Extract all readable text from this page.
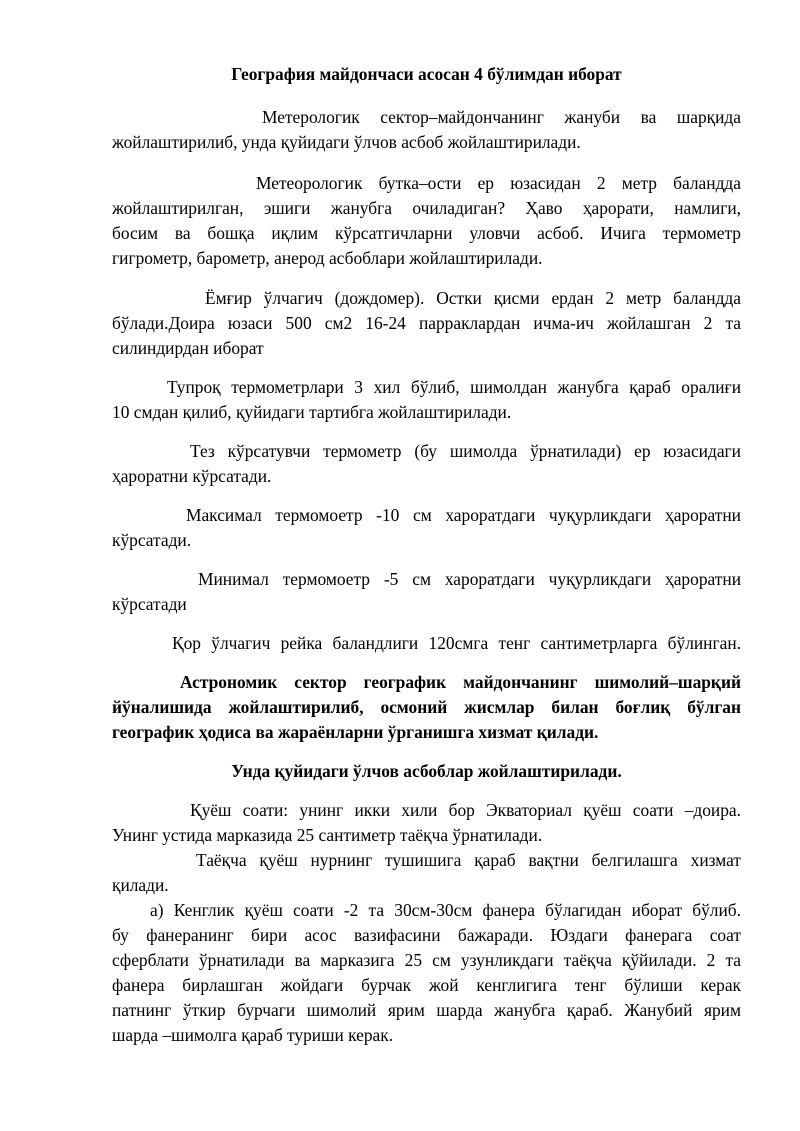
География майдончаси асосан 4 бўлимдан иборат
Метерологик сектор–майдончанинг жануби ва шарқида
жойлаштирилиб, унда қуйидаги ўлчов асбоб жойлаштирилади.
Метеорологик бутка–ости ер юзасидан 2 метр баландда
жойлаштирилган, эшиги жанубга очиладиган? Ҳаво ҳарорати, намлиги,
босим ва бошқа иқлим кўрсатгичларни уловчи асбоб. Ичига термометр
гигрометр, барометр, анерод асбоблари жойлаштирилади.
Ёмғир ўлчагич (дождомер). Остки қисми ердан 2 метр баландда
бўлади.Доира юзаси 500 см2 16-24 парраклардан ичма-ич жойлашган 2 та
силиндирдан иборат
Тупроқ термометрлари 3 хил бўлиб, шимолдан жанубга қараб оралиғи
10 смдан қилиб, қуйидаги тартибга жойлаштирилади.
Тез кўрсатувчи термометр (бу шимолда ўрнатилади) ер юзасидаги
ҳароратни кўрсатади.
Максимал термомоетр -10 см хароратдаги чуқурликдаги ҳароратни
кўрсатади.
Минимал термомоетр -5 см хароратдаги чуқурликдаги ҳароратни
кўрсатади
Қор ўлчагич рейка баландлиги 120смга тенг сантиметрларга бўлинган.
Астрономик сектор географик майдончанинг шимолий–шарқий
йўналишида жойлаштирилиб, осмоний жисмлар билан боғлиқ бўлган
географик ҳодиса ва жараёнларни ўрганишга хизмат қилади.
Унда қуйидаги ўлчов асбоблар жойлаштирилади.
Қуёш соати: унинг икки хили бор Экваториал қуёш соати –доира.
Унинг устида марказида 25 сантиметр таёқча ўрнатилади.
Таёқча қуёш нурнинг тушишига қараб вақтни белгилашга хизмат
қилади.
а) Кенглик қуёш соати -2 та 30см-30см фанера бўлагидан иборат бўлиб.
бу фанеранинг бири асос вазифасини бажаради. Юздаги фанерага соат
сферблати ўрнатилади ва марказига 25 см узунликдаги таёқча қўйилади. 2 та
фанера бирлашган жойдаги бурчак жой кенглигига тенг бўлиши керак
патнинг ўткир бурчаги шимолий ярим шарда жанубга қараб. Жанубий ярим
шарда –шимолга қараб туриши керак.
